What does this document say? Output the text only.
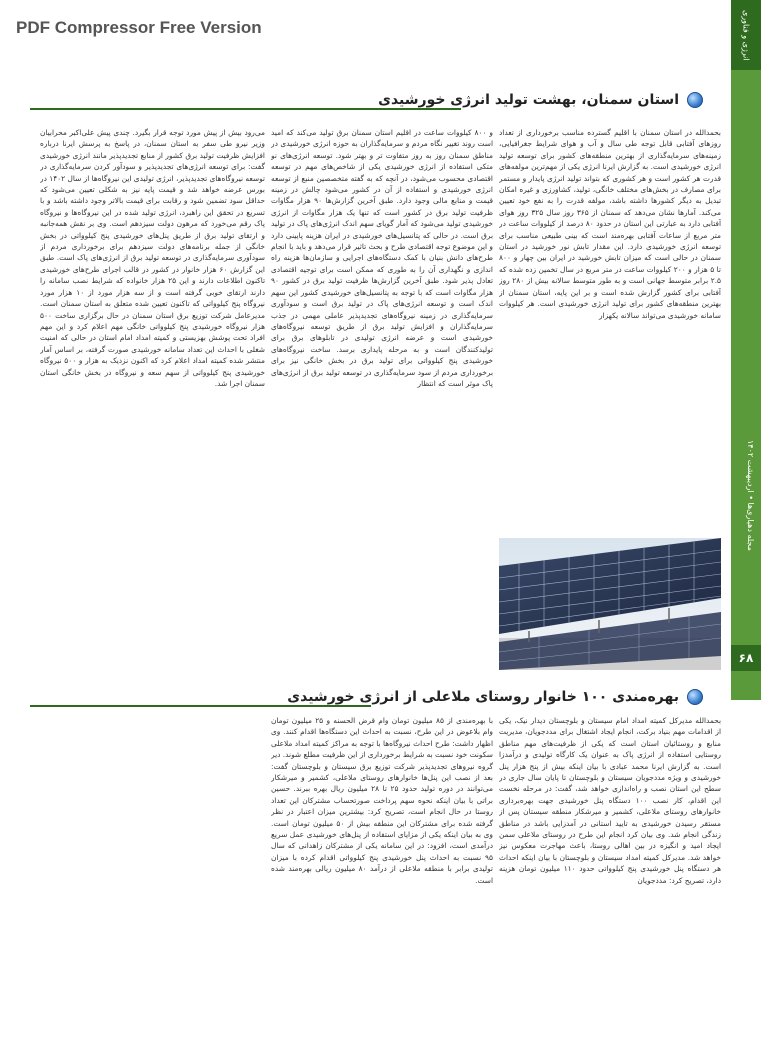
PDF Compressor Free Version	انرژی و فناوری
مجله دهیاری‌ها • اردیبهشت ۱۴۰۲
۶۸
استان سمنان، بهشت تولید انرژی خورشیدی
بحمدالله در استان سمنان با اقلیم گسترده مناسب برخورداری از تعداد روزهای آفتابی قابل توجه طی سال و آب و هوای شرایط جغرافیایی، زمینه‌های سرمایه‌گذاری از بهترین منطقه‌های کشور برای توسعه تولید انرژی خورشیدی است. به گزارش ایرنا انرژی یکی از مهم‌ترین مولفه‌های قدرت هر کشور است و هر کشوری که بتواند تولید انرژی پایدار و مستمر برای مصارف در بخش‌های مختلف خانگی، تولید، کشاورزی و غیره امکان تبدیل به دیگر کشورها داشته باشد، مولفه قدرت را به نفع خود تعیین می‌کند. آمارها نشان می‌دهد که سمنان از ۳۶۵ روز سال ۳۲۵ روز هوای آفتابی دارد به عبارتی این استان در حدود ۸۰ درصد از کیلووات ساعت در متر مربع از ساعات آفتابی بهره‌مند است که بینی طبیعی مناسب برای توسعه انرژی خورشیدی دارد. این مقدار تابش نور خورشید در استان سمنان در حالی است که میزان تابش خورشید در ایران بین چهار و ۸۰۰ تا ۵ هزار و ۲۰۰ کیلووات ساعت در متر مربع در سال تخمین زده شده که ۲.۵ برابر متوسط جهانی است و به طور متوسط سالانه بیش از ۲۸۰ روز آفتابی برای کشور گزارش شده است و بر این پایه، استان سمنان از بهترین منطقه‌های کشور برای تولید انرژی خورشیدی است. هر کیلووات سامانه خورشیدی می‌تواند سالانه یکهزار
و ۸۰۰ کیلووات ساعت در اقلیم استان سمنان برق تولید می‌کند که امید است روند تغییر نگاه مردم و سرمایه‌گذاران به حوزه انرژی خورشیدی در مناطق سمنان روز به روز متفاوت تر و بهتر شود. توسعه انرژی‌های نو متکی استفاده از انرژی خورشیدی یکی از شاخص‌های مهم در توسعه اقتصادی محسوب می‌شود، در آنچه که به گفته متخصصین منبع از توسعه انرژی خورشیدی و استفاده از آن در کشور می‌شود چالش در زمینه قیمت و منابع مالی وجود دارد. طبق آخرین گزارش‌ها ۹۰ هزار مگاوات ظرفیت تولید برق در کشور است که تنها یک هزار مگاوات از انرژی خورشیدی تولید می‌شود که آمار گویای سهم اندک انرژی‌های پاک در تولید برق است. در حالی که پتانسیل‌های خورشیدی در ایران هزینه پایینی دارد و این موضوع توجه اقتصادی طرح و بحث تاثیر قرار می‌دهد و باید با انجام طرح‌های دانش بنیان با کمک دستگاه‌های اجرایی و سازمان‌ها هزینه راه اندازی و نگهداری آن را به طوری که ممکن است برای توجیه اقتصادی تعادل پذیر شود. طبق آخرین گزارش‌ها ظرفیت تولید برق در کشور ۹۰ هزار مگاوات است که با توجه به پتانسیل‌های خورشیدی کشور این سهم اندک است و توسعه انرژی‌های پاک در تولید برق است و سودآوری سرمایه‌گذاری در زمینه نیروگاه‌های تجدیدپذیر عاملی مهمی در جذب سرمایه‌گذاران و افزایش تولید برق از طریق توسعه نیروگاه‌های خورشیدی است و عرضه انرژی تولیدی در تابلوهای برق برای تولیدکنندگان است و به مرحله پایداری برسد. ساخت نیروگاه‌های خورشیدی پنج کیلوواتی برای تولید برق در بخش خانگی نیز برای برخورداری مردم از سود سرمایه‌گذاری در توسعه تولید برق از انرژی‌های پاک موثر است که انتظار
می‌رود بیش از پیش مورد توجه قرار بگیرد. چندی پیش علی‌اکبر محرابیان وزیر نیرو طی سفر به استان سمنان، در پاسخ به پرسش ایرنا درباره افزایش ظرفیت تولید برق کشور از منابع تجدیدپذیر مانند انرژی خورشیدی گفت: برای توسعه انرژی‌های تجدیدپذیر و سودآور کردن سرمایه‌گذاری در توسعه نیروگاه‌های تجدیدپذیر، انرژی تولیدی این نیروگاه‌ها از سال ۱۴۰۲ در بورس عرضه خواهد شد و قیمت پایه نیز به شکلی تعیین می‌شود که حداقل سود تضمین شود و رقابت برای قیمت بالاتر وجود داشته باشد و با تسریع در تحقق این راهبرد، انرژی تولید شده در این نیروگاه‌ها و نیروگاه پاک رقم می‌خورد که مرهون دولت سیزدهم است. وی بر نقش همه‌جانبه و ارتقای تولید برق از طریق پنل‌های خورشیدی پنج کیلوواتی در بخش خانگی از جمله برنامه‌های دولت سیزدهم برای برخورداری مردم از سودآوری سرمایه‌گذاری در توسعه تولید برق از انرژی‌های پاک است. طبق این گزارش ۶۰ هزار خانوار در کشور در قالب اجرای طرح‌های خورشیدی تاکنون اطلاعات دارند و این ۲۵ هزار خانواده که شرایط نصب سامانه را دارند ارتقای خوبی گرفته است و از سه هزار مورد از ۱۰ هزار مورد نیروگاه پنج کیلوواتی که تاکنون تعیین شده متعلق به استان سمنان است. مدیرعامل شرکت توزیع برق استان سمنان در حال برگزاری ساخت ۵۰۰ هزار نیروگاه خورشیدی پنج کیلوواتی خانگی مهم اعلام کرد و این مهم افراد تحت پوشش بهزیستی و کمیته امداد امام استان در حالی که امنیت شغلی با احداث این تعداد سامانه خورشیدی صورت گرفته، بر اساس آمار منتشر شده کمیته امداد اعلام کرد که اکنون نزدیک به هزار و ۵۰۰ نیروگاه خورشیدی پنج کیلوواتی از سهم سعه و نیروگاه در بخش خانگی استان سمنان اجرا شد.
بهره‌مندی ۱۰۰ خانوار روستای ملاعلی از انرژی خورشیدی
بحمدالله مدیرکل کمیته امداد امام سیستان و بلوچستان دیدار نیک، یکی از اقدامات مهم بنیاد برکت، انجام ایجاد اشتغال برای مددجویان، مدیریت منابع و روستائیان استان است که یکی از ظرفیت‌های مهم مناطق روستایی استفاده از انرژی پاک به عنوان یک کارگاه تولیدی و درآمدزا است. به گزارش ایرنا محمد عبادی با بیان اینکه بیش از پنج هزار پنل خورشیدی و ویژه مددجویان سیستان و بلوچستان تا پایان سال جاری در سطح این استان نصب و راه‌اندازی خواهد شد، گفت: در مرحله نخست این اقدام، کار نصب ۱۰۰ دستگاه پنل خورشیدی جهت بهره‌برداری خانوارهای روستای ملاعلی، کشمیر و میرشکار منطقه سیستان پس از مستقر رسیدن خورشیدی به تایید استانی در آمدزایی باشد در مناطق زندگی انجام شد. وی بیان کرد انجام این طرح در روستای ملاعلی سمن ایجاد امید و انگیزه در بین اهالی روستا، باعث مهاجرت معکوس نیز خواهد شد. مدیرکل کمیته امداد سیستان و بلوچستان با بیان اینکه احداث هر دستگاه پنل خورشیدی پنج کیلوواتی حدود ۱۱۰ میلیون تومان هزینه دارد، تصریح کرد: مددجویان
با بهره‌مندی از ۸۵ میلیون تومان وام قرض الحسنه و ۲۵ میلیون تومان وام بلاعوض در این طرح، نسبت به احداث این دستگاه‌ها اقدام کنند. وی اظهار داشت: طرح احداث نیروگاه‌ها با توجه به مراکز کمیته امداد ملاعلی سکونت خود نسبت به شرایط برخورداری از این ظرفیت مطلع شوند. دیر گروه نیروهای تجدیدپذیر شرکت توزیع برق سیستان و بلوچستان گفت: بعد از نصب این پنل‌ها خانوارهای روستای ملاعلی، کشمیر و میرشکار می‌توانند در دوره تولید حدود ۲۵ تا ۲۸ میلیون ریال بهره ببرند. حسین براتی با بیان اینکه نحوه سهم پرداخت صورتحساب مشترکان این تعداد روستا در حال انجام است، تصریح کرد: بیشترین میزان اعتبار در نظر گرفته شده برای مشترکان این منطقه بیش از ۵۰ میلیون تومان است. وی به بیان اینکه یکی از مزایای استفاده از پنل‌های خورشیدی عمل سریع درآمدی است، افزود: در این سامانه یکی از مشترکان زاهدانی که سال ۹۵ نسبت به احداث پنل خورشیدی پنج کیلوواتی اقدام کرده با میزان تولیدی برابر با منطقه ملاعلی از درآمد ۸۰ میلیون ریالی بهره‌مند شده است.
